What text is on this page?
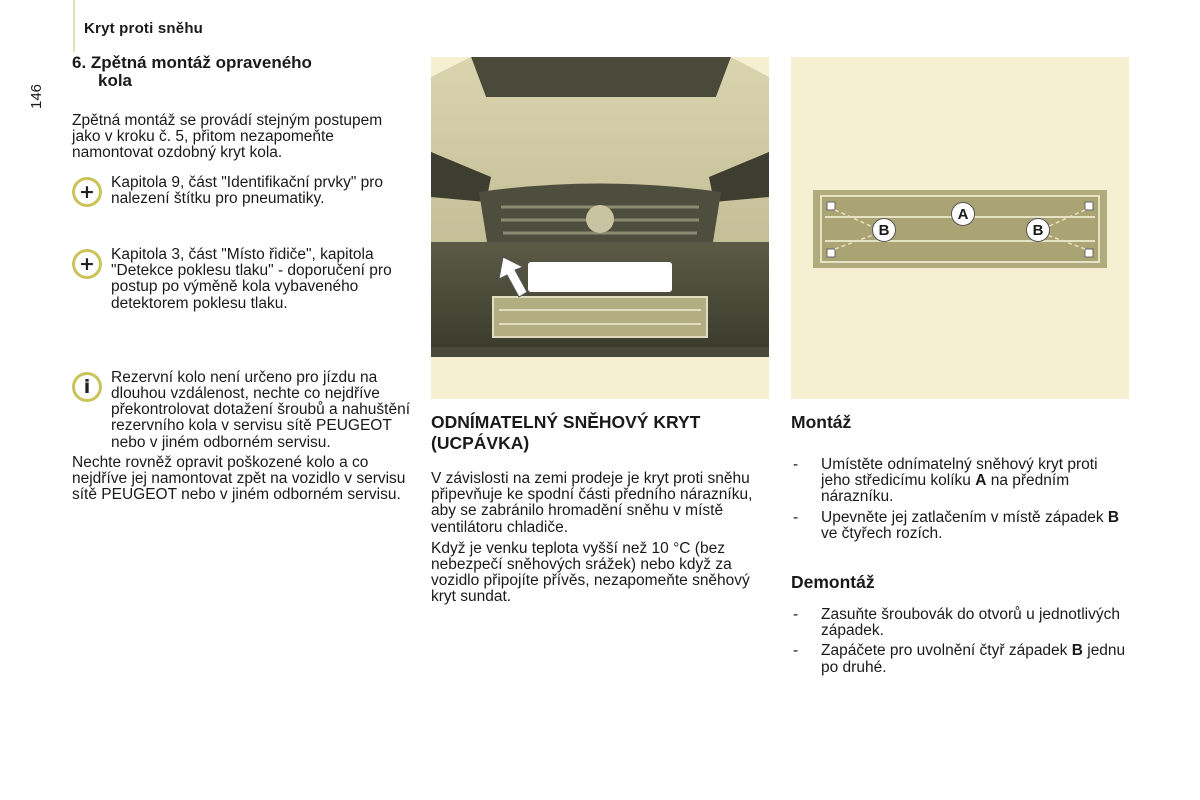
Kryt proti sněhu
146
6. Zpětná montáž opraveného
kola

Zpětná montáž se provádí stejným postupem jako v kroku č. 5, přitom nezapomeňte namontovat ozdobný kryt kola.

+ Kapitola 9, část "Identifikační prvky" pro nalezení štítku pro pneumatiky.

+ Kapitola 3, část "Místo řidiče", kapitola "Detekce poklesu tlaku" - doporučení pro postup po výměně kola vybaveného detektorem poklesu tlaku.

i	Rezervní kolo není určeno pro jízdu na dlouhou vzdálenost, nechte co nejdříve překontrolovat dotažení šroubů a nahuštění rezervního kola v servisu sítě PEUGEOT nebo v jiném odborném servisu.

Nechte rovněž opravit poškozené kolo a co nejdříve jej namontovat zpět na vozidlo v servisu sítě PEUGEOT nebo v jiném odborném servisu.

A
B	B
ODNÍMATELNÝ SNĚHOVÝ KRYT (UCPÁVKA)

V závislosti na zemi prodeje je kryt proti sněhu připevňuje ke spodní části předního nárazníku, aby se zabránilo hromadění sněhu v místě ventilátoru chladiče.

Když je venku teplota vyšší než 10 °C (bez nebezpečí sněhových srážek) nebo když za vozidlo připojíte přívěs, nezapomeňte sněhový kryt sundat.

Montáž
- Umístěte odnímatelný sněhový kryt proti jeho středicímu kolíku A na předním nárazníku.
- Upevněte jej zatlačením v místě západek B ve čtyřech rozích.
Demontáž
- Zasuňte šroubovák do otvorů u jednotlivých západek.
- Zapáčete pro uvolnění čtyř západek B jednu po druhé.
